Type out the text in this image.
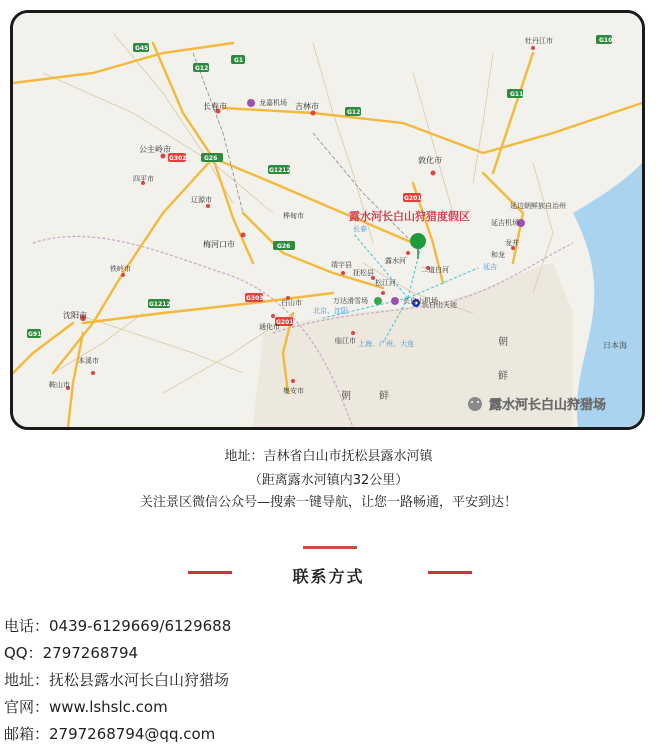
G45
G1
G12
G302	G26
G1212
G201
G11
G10
G91
G1212
G303
G201
G26
G12
长春市	吉林市
公主岭市
四平市
辽源市
梅河口市
铁岭市
沈阳市
本溪市
鞍山市
通化市
白山市
靖宇县
抚松县
松江河
敦化市
桦甸市
延吉机场
龙井
和龙
二道白河
露水河
牡丹江市
临江市
集安市
延边朝鲜族自治州
长白山机场
万达滑雪场	长白山天池
龙嘉机场
长春
延吉
北京、沈阳
上海、广州、大连
露水河长白山狩猎度假区
朝
鲜
朝	鲜
日本海
露水河长白山狩猎场
地址：吉林省白山市抚松县露水河镇
（距离露水河镇内32公里）
关注景区微信公众号—搜索一键导航，让您一路畅通，平安到达！
联系方式
电话：0439-6129669/6129688
QQ：2797268794
地址：抚松县露水河长白山狩猎场
官网：www.lshslc.com
邮箱：2797268794@qq.com
